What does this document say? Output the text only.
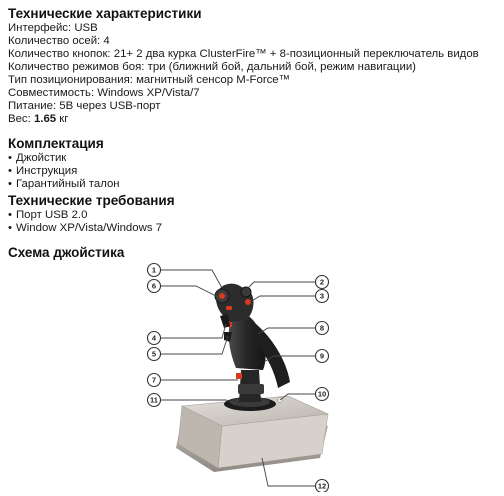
Технические характеристики
Интерфейс: USB
Количество осей: 4
Количество кнопок: 21+ 2 два курка ClusterFire™ + 8-позиционный переключатель видов
Количество режимов боя: три (ближний бой, дальний бой, режим навигации)
Тип позиционирования: магнитный сенсор M-Force™
Совместимость: Windows XP/Vista/7
Питание: 5В через USB-порт
Вес: 1.65 кг
Комплектация
• Джойстик
• Инструкция
• Гарантийный талон
Технические требования
• Порт USB 2.0
• Window XP/Vista/Windows 7
Схема джойстика
1
2
3
4
5
6
7
8
9
10
11
12
